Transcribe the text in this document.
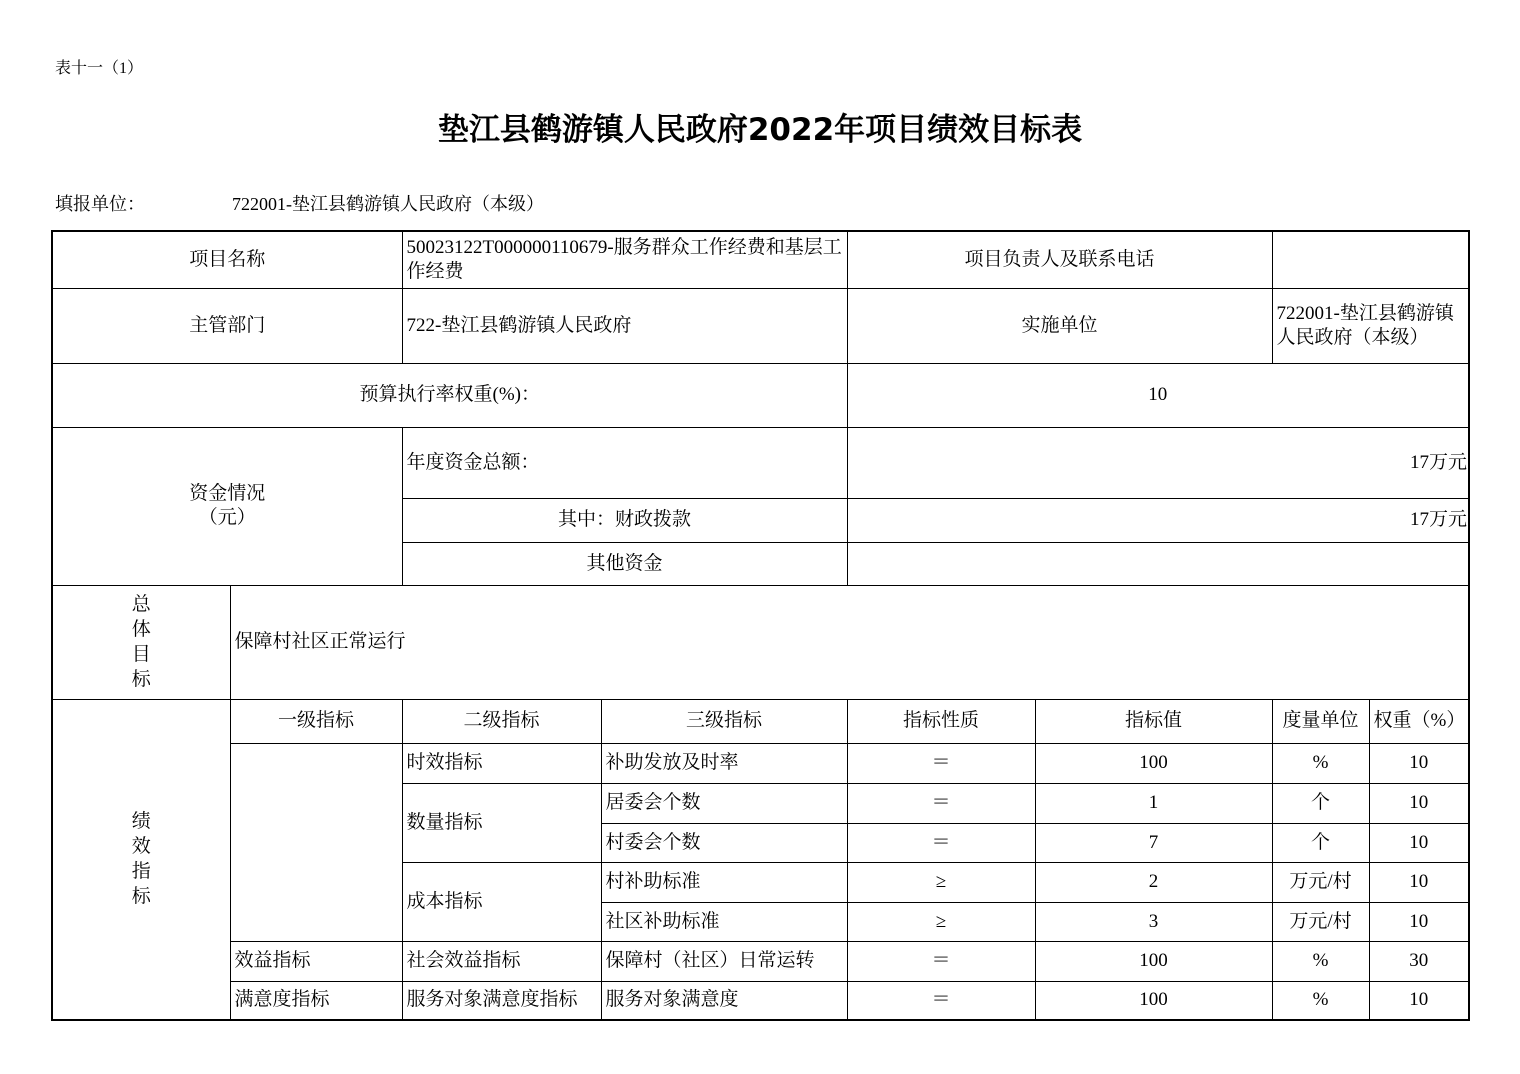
表十一（1）
垫江县鹤游镇人民政府2022年项目绩效目标表
填报单位：	722001-垫江县鹤游镇人民政府（本级）
项目名称		50023122T000000110679-服务群众工作经费和基层工作经费		项目负责人及联系电话			
主管部门		722-垫江县鹤游镇人民政府		实施单位		722001-垫江县鹤游镇人民政府（本级）	
预算执行率权重(%)：				10			

资金情况
（元）		年度资金总额：		17万元			
		其中：财政拨款		17万元			
		其他资金					
总体目标	保障村社区正常运行						
绩效指标	一级指标	二级指标	三级指标	指标性质	指标值	度量单位	权重（%）
		时效指标	补助发放及时率	＝	100	%	10
		数量指标	居委会个数	＝	1	个	10
			村委会个数	＝	7	个	10
		成本指标	村补助标准	≥	2	万元/村	10
			社区补助标准	≥	3	万元/村	10
	效益指标	社会效益指标	保障村（社区）日常运转	＝	100	%	30
	满意度指标	服务对象满意度指标	服务对象满意度	＝	100	%	10
